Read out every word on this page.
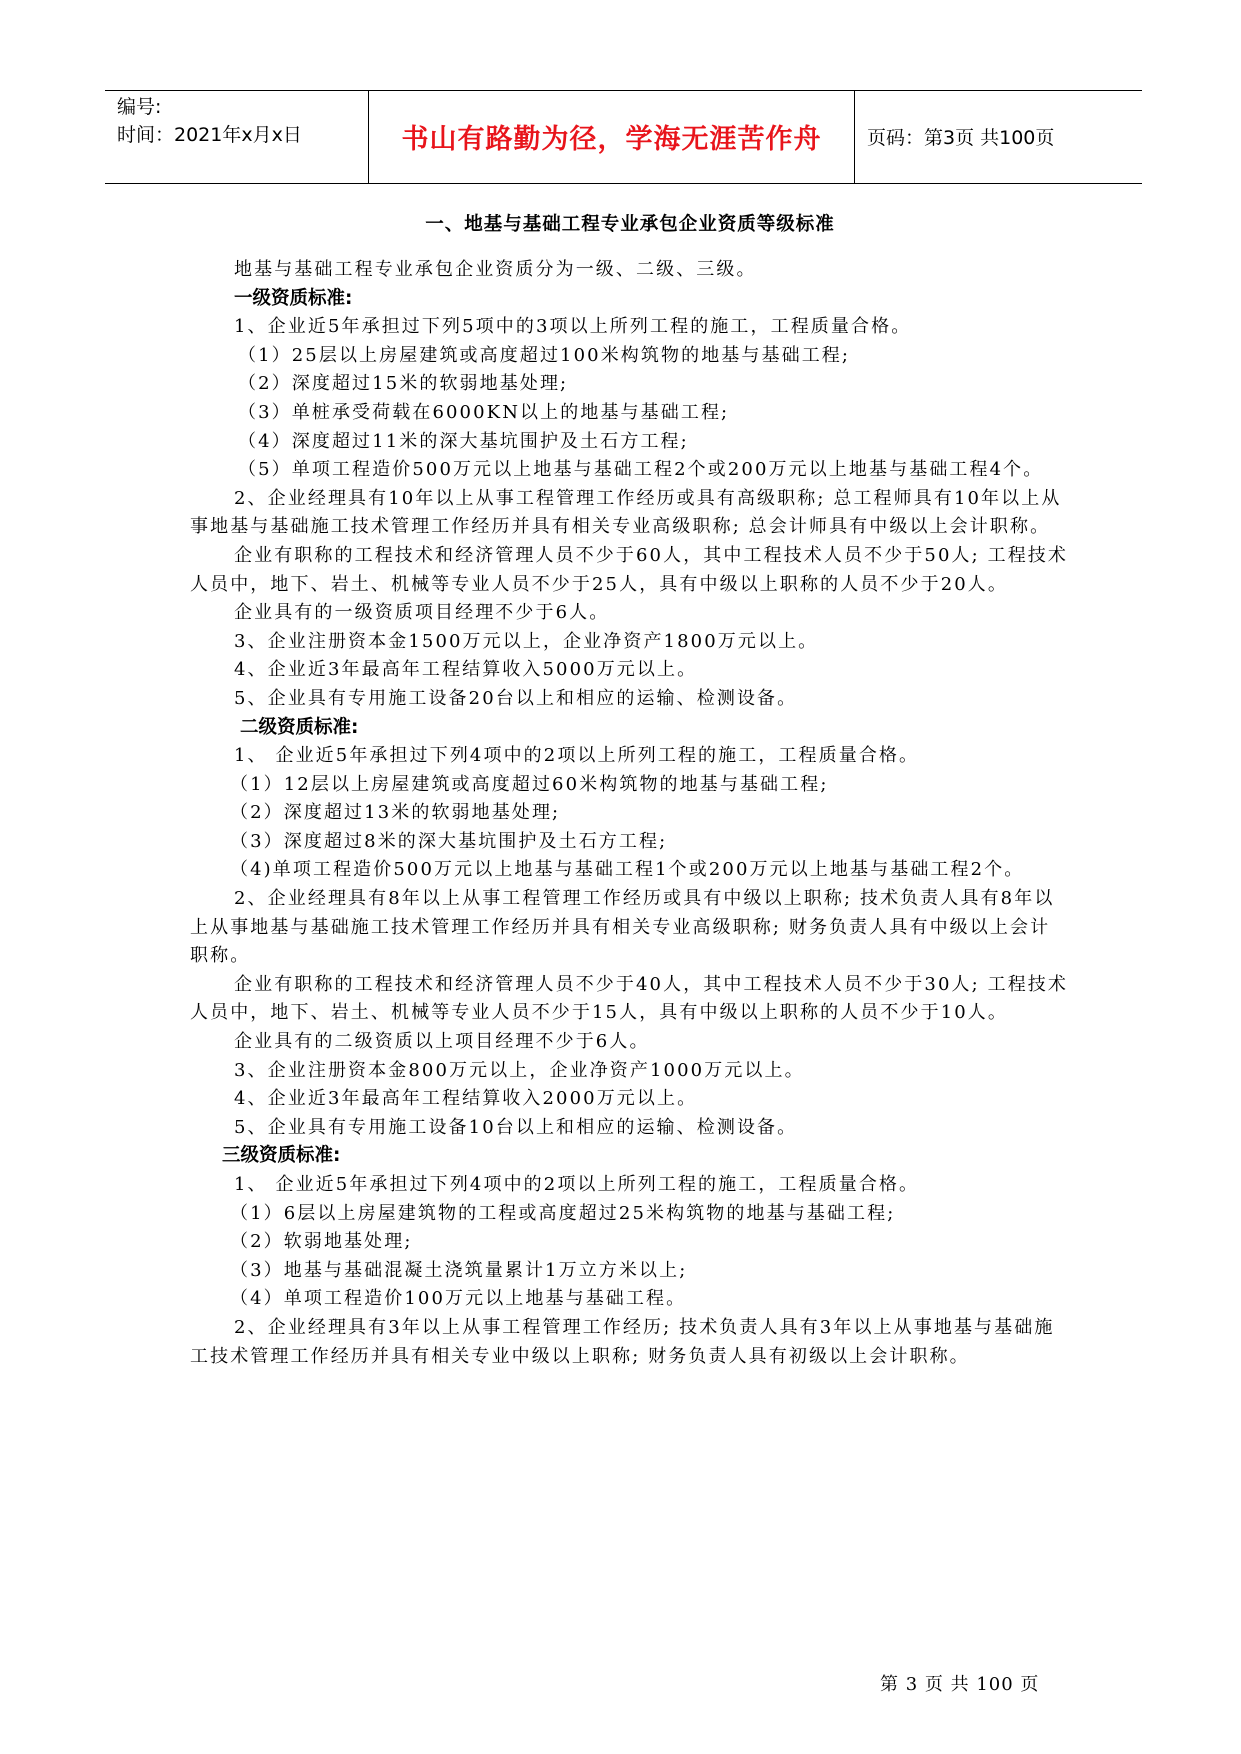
编号:
时间：2021年x月x日	书山有路勤为径，学海无涯苦作舟	页码：第3页 共100页
一、地基与基础工程专业承包企业资质等级标准
地基与基础工程专业承包企业资质分为一级、二级、三级。
一级资质标准:
1、企业近5年承担过下列5项中的3项以上所列工程的施工，工程质量合格。
（1）25层以上房屋建筑或高度超过100米构筑物的地基与基础工程;
（2）深度超过15米的软弱地基处理;
（3）单桩承受荷载在6000KN以上的地基与基础工程;
（4）深度超过11米的深大基坑围护及土石方工程;
（5）单项工程造价500万元以上地基与基础工程2个或200万元以上地基与基础工程4个。
2、企业经理具有10年以上从事工程管理工作经历或具有高级职称; 总工程师具有10年以上从事地基与基础施工技术管理工作经历并具有相关专业高级职称; 总会计师具有中级以上会计职称。
企业有职称的工程技术和经济管理人员不少于60人，其中工程技术人员不少于50人; 工程技术人员中，地下、岩土、机械等专业人员不少于25人，具有中级以上职称的人员不少于20人。
企业具有的一级资质项目经理不少于6人。
3、企业注册资本金1500万元以上，企业净资产1800万元以上。
4、企业近3年最高年工程结算收入5000万元以上。
5、企业具有专用施工设备20台以上和相应的运输、检测设备。
二级资质标准:
1、 企业近5年承担过下列4项中的2项以上所列工程的施工，工程质量合格。
（1）12层以上房屋建筑或高度超过60米构筑物的地基与基础工程;
（2）深度超过13米的软弱地基处理;
（3）深度超过8米的深大基坑围护及土石方工程;
（4)单项工程造价500万元以上地基与基础工程1个或200万元以上地基与基础工程2个。
2、企业经理具有8年以上从事工程管理工作经历或具有中级以上职称; 技术负责人具有8年以上从事地基与基础施工技术管理工作经历并具有相关专业高级职称; 财务负责人具有中级以上会计职称。
企业有职称的工程技术和经济管理人员不少于40人，其中工程技术人员不少于30人; 工程技术人员中，地下、岩土、机械等专业人员不少于15人，具有中级以上职称的人员不少于10人。
企业具有的二级资质以上项目经理不少于6人。
3、企业注册资本金800万元以上，企业净资产1000万元以上。
4、企业近3年最高年工程结算收入2000万元以上。
5、企业具有专用施工设备10台以上和相应的运输、检测设备。
三级资质标准:
1、 企业近5年承担过下列4项中的2项以上所列工程的施工，工程质量合格。
（1）6层以上房屋建筑物的工程或高度超过25米构筑物的地基与基础工程;
（2）软弱地基处理;
（3）地基与基础混凝土浇筑量累计1万立方米以上;
（4）单项工程造价100万元以上地基与基础工程。
2、企业经理具有3年以上从事工程管理工作经历; 技术负责人具有3年以上从事地基与基础施工技术管理工作经历并具有相关专业中级以上职称; 财务负责人具有初级以上会计职称。
第 3 页 共 100 页
